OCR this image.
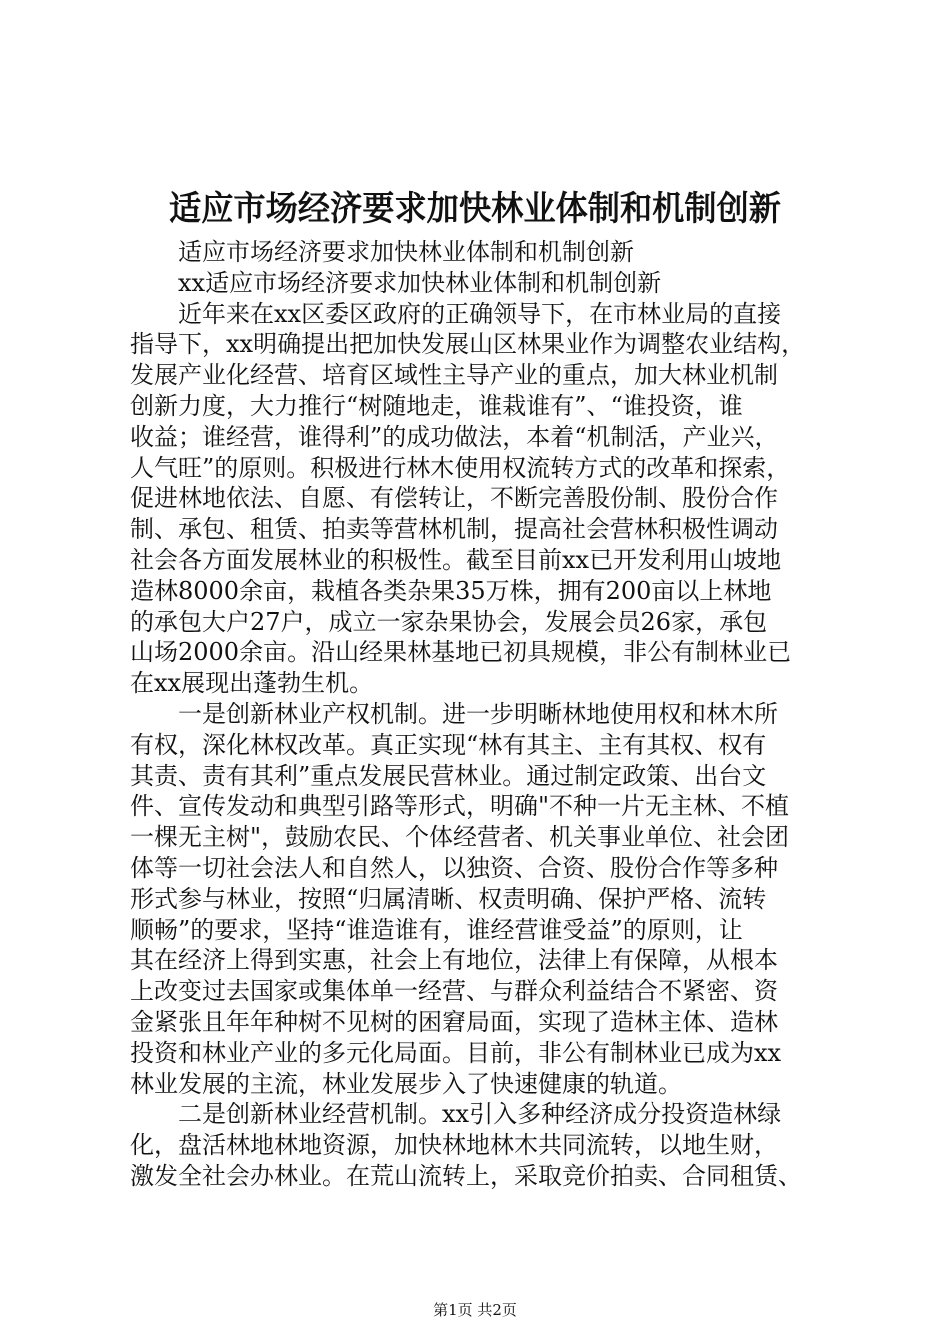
适应市场经济要求加快林业体制和机制创新
　　适应市场经济要求加快林业体制和机制创新
　　xx适应市场经济要求加快林业体制和机制创新
　　近年来在xx区委区政府的正确领导下，在市林业局的直接
指导下，xx明确提出把加快发展山区林果业作为调整农业结构，
发展产业化经营、培育区域性主导产业的重点，加大林业机制
创新力度，大力推行“树随地走，谁栽谁有”、“谁投资，谁
收益；谁经营，谁得利”的成功做法，本着“机制活，产业兴，
人气旺”的原则。积极进行林木使用权流转方式的改革和探索，
促进林地依法、自愿、有偿转让，不断完善股份制、股份合作
制、承包、租赁、拍卖等营林机制，提高社会营林积极性调动
社会各方面发展林业的积极性。截至目前xx已开发利用山坡地
造林8000余亩，栽植各类杂果35万株，拥有200亩以上林地
的承包大户27户，成立一家杂果协会，发展会员26家，承包
山场2000余亩。沿山经果林基地已初具规模，非公有制林业已
在xx展现出蓬勃生机。
　　一是创新林业产权机制。进一步明晰林地使用权和林木所
有权，深化林权改革。真正实现“林有其主、主有其权、权有
其责、责有其利”重点发展民营林业。通过制定政策、出台文
件、宣传发动和典型引路等形式，明确"不种一片无主林、不植
一棵无主树"，鼓励农民、个体经营者、机关事业单位、社会团
体等一切社会法人和自然人，以独资、合资、股份合作等多种
形式参与林业，按照“归属清晰、权责明确、保护严格、流转
顺畅”的要求，坚持“谁造谁有，谁经营谁受益”的原则，让
其在经济上得到实惠，社会上有地位，法律上有保障，从根本
上改变过去国家或集体单一经营、与群众利益结合不紧密、资
金紧张且年年种树不见树的困窘局面，实现了造林主体、造林
投资和林业产业的多元化局面。目前，非公有制林业已成为xx
林业发展的主流，林业发展步入了快速健康的轨道。
　　二是创新林业经营机制。xx引入多种经济成分投资造林绿
化，盘活林地林地资源，加快林地林木共同流转，以地生财，
激发全社会办林业。在荒山流转上，采取竞价拍卖、合同租赁、
第1页 共2页
